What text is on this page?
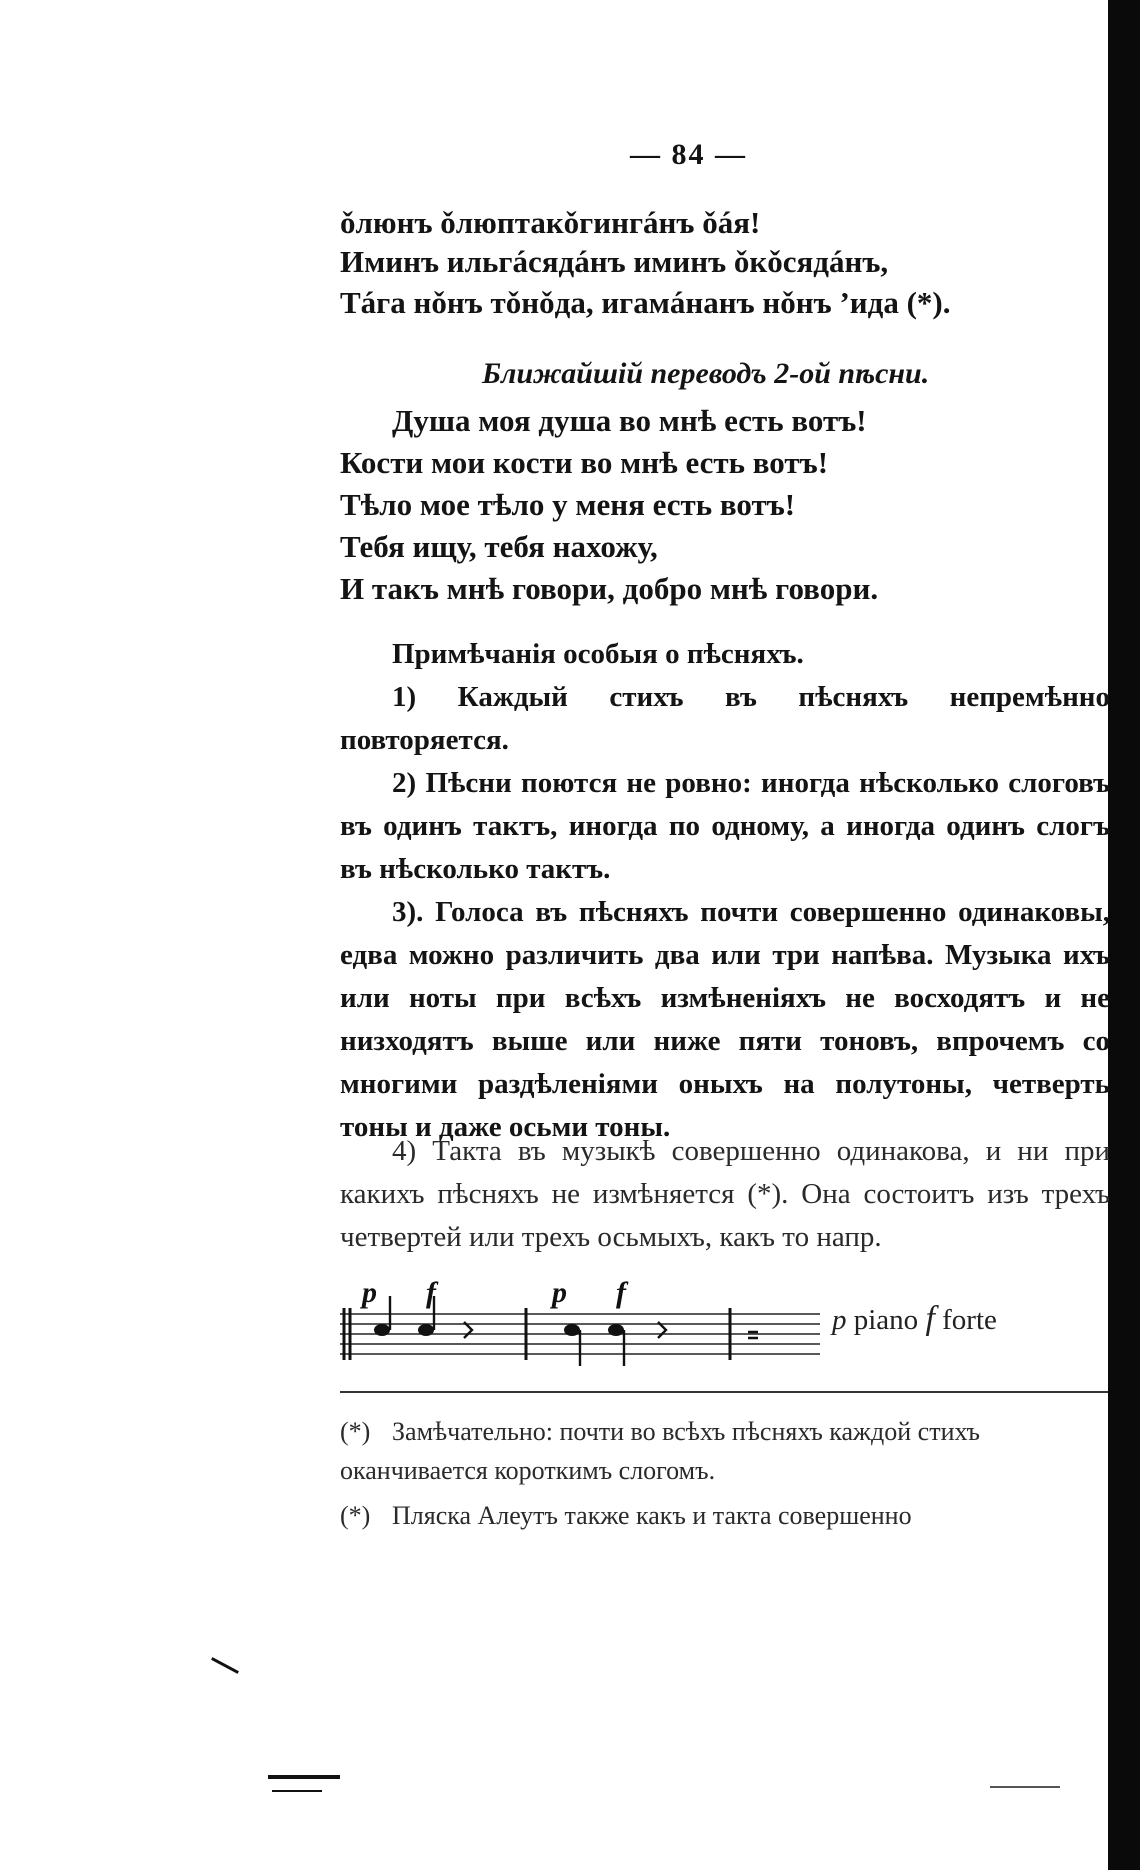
— 84 —
ǒлюнъ ǒлюптакǒгингáнъ ǒáя!
Иминъ ильгáсядáнъ иминъ ǒкǒсядáнъ,
Тáга нǒнъ тǒнǒда, игамáнанъ нǒнъ ’ида (*).
Ближайшій переводъ 2-ой пѣсни.
Душа моя душа во мнѣ есть вотъ!
Кости мои кости во мнѣ есть вотъ!
Тѣло мое тѣло у меня есть вотъ!
Тебя ищу, тебя нахожу,
И такъ мнѣ говори, добро мнѣ говори.
Примѣчанія особыя о пѣсняхъ.

1) Каждый стихъ въ пѣсняхъ непремѣнно повторяется.

2) Пѣсни поются не ровно: иногда нѣсколько слоговъ въ одинъ тактъ, иногда по одному, а иногда одинъ слогъ въ нѣсколько тактъ.

3). Голоса въ пѣсняхъ почти совершенно одинаковы, едва можно различить два или три напѣва. Музыка ихъ или ноты при всѣхъ измѣненіяхъ не восходятъ и не низходятъ выше или ниже пяти тоновъ, впрочемъ со многими раздѣленіями оныхъ на полутоны, четверть тоны и даже осьми тоны.

4) Такта въ музыкѣ совершенно одинакова, и ни при какихъ пѣсняхъ не измѣняется (*). Она состоитъ изъ трехъ четвертей или трехъ осьмыхъ, какъ то напр.

p f	p f
p piano f forte
(*) Замѣчательно: почти во всѣхъ пѣсняхъ каждой стихъ оканчивается короткимъ слогомъ.
(*) Пляска Алеутъ также какъ и такта совершенно
